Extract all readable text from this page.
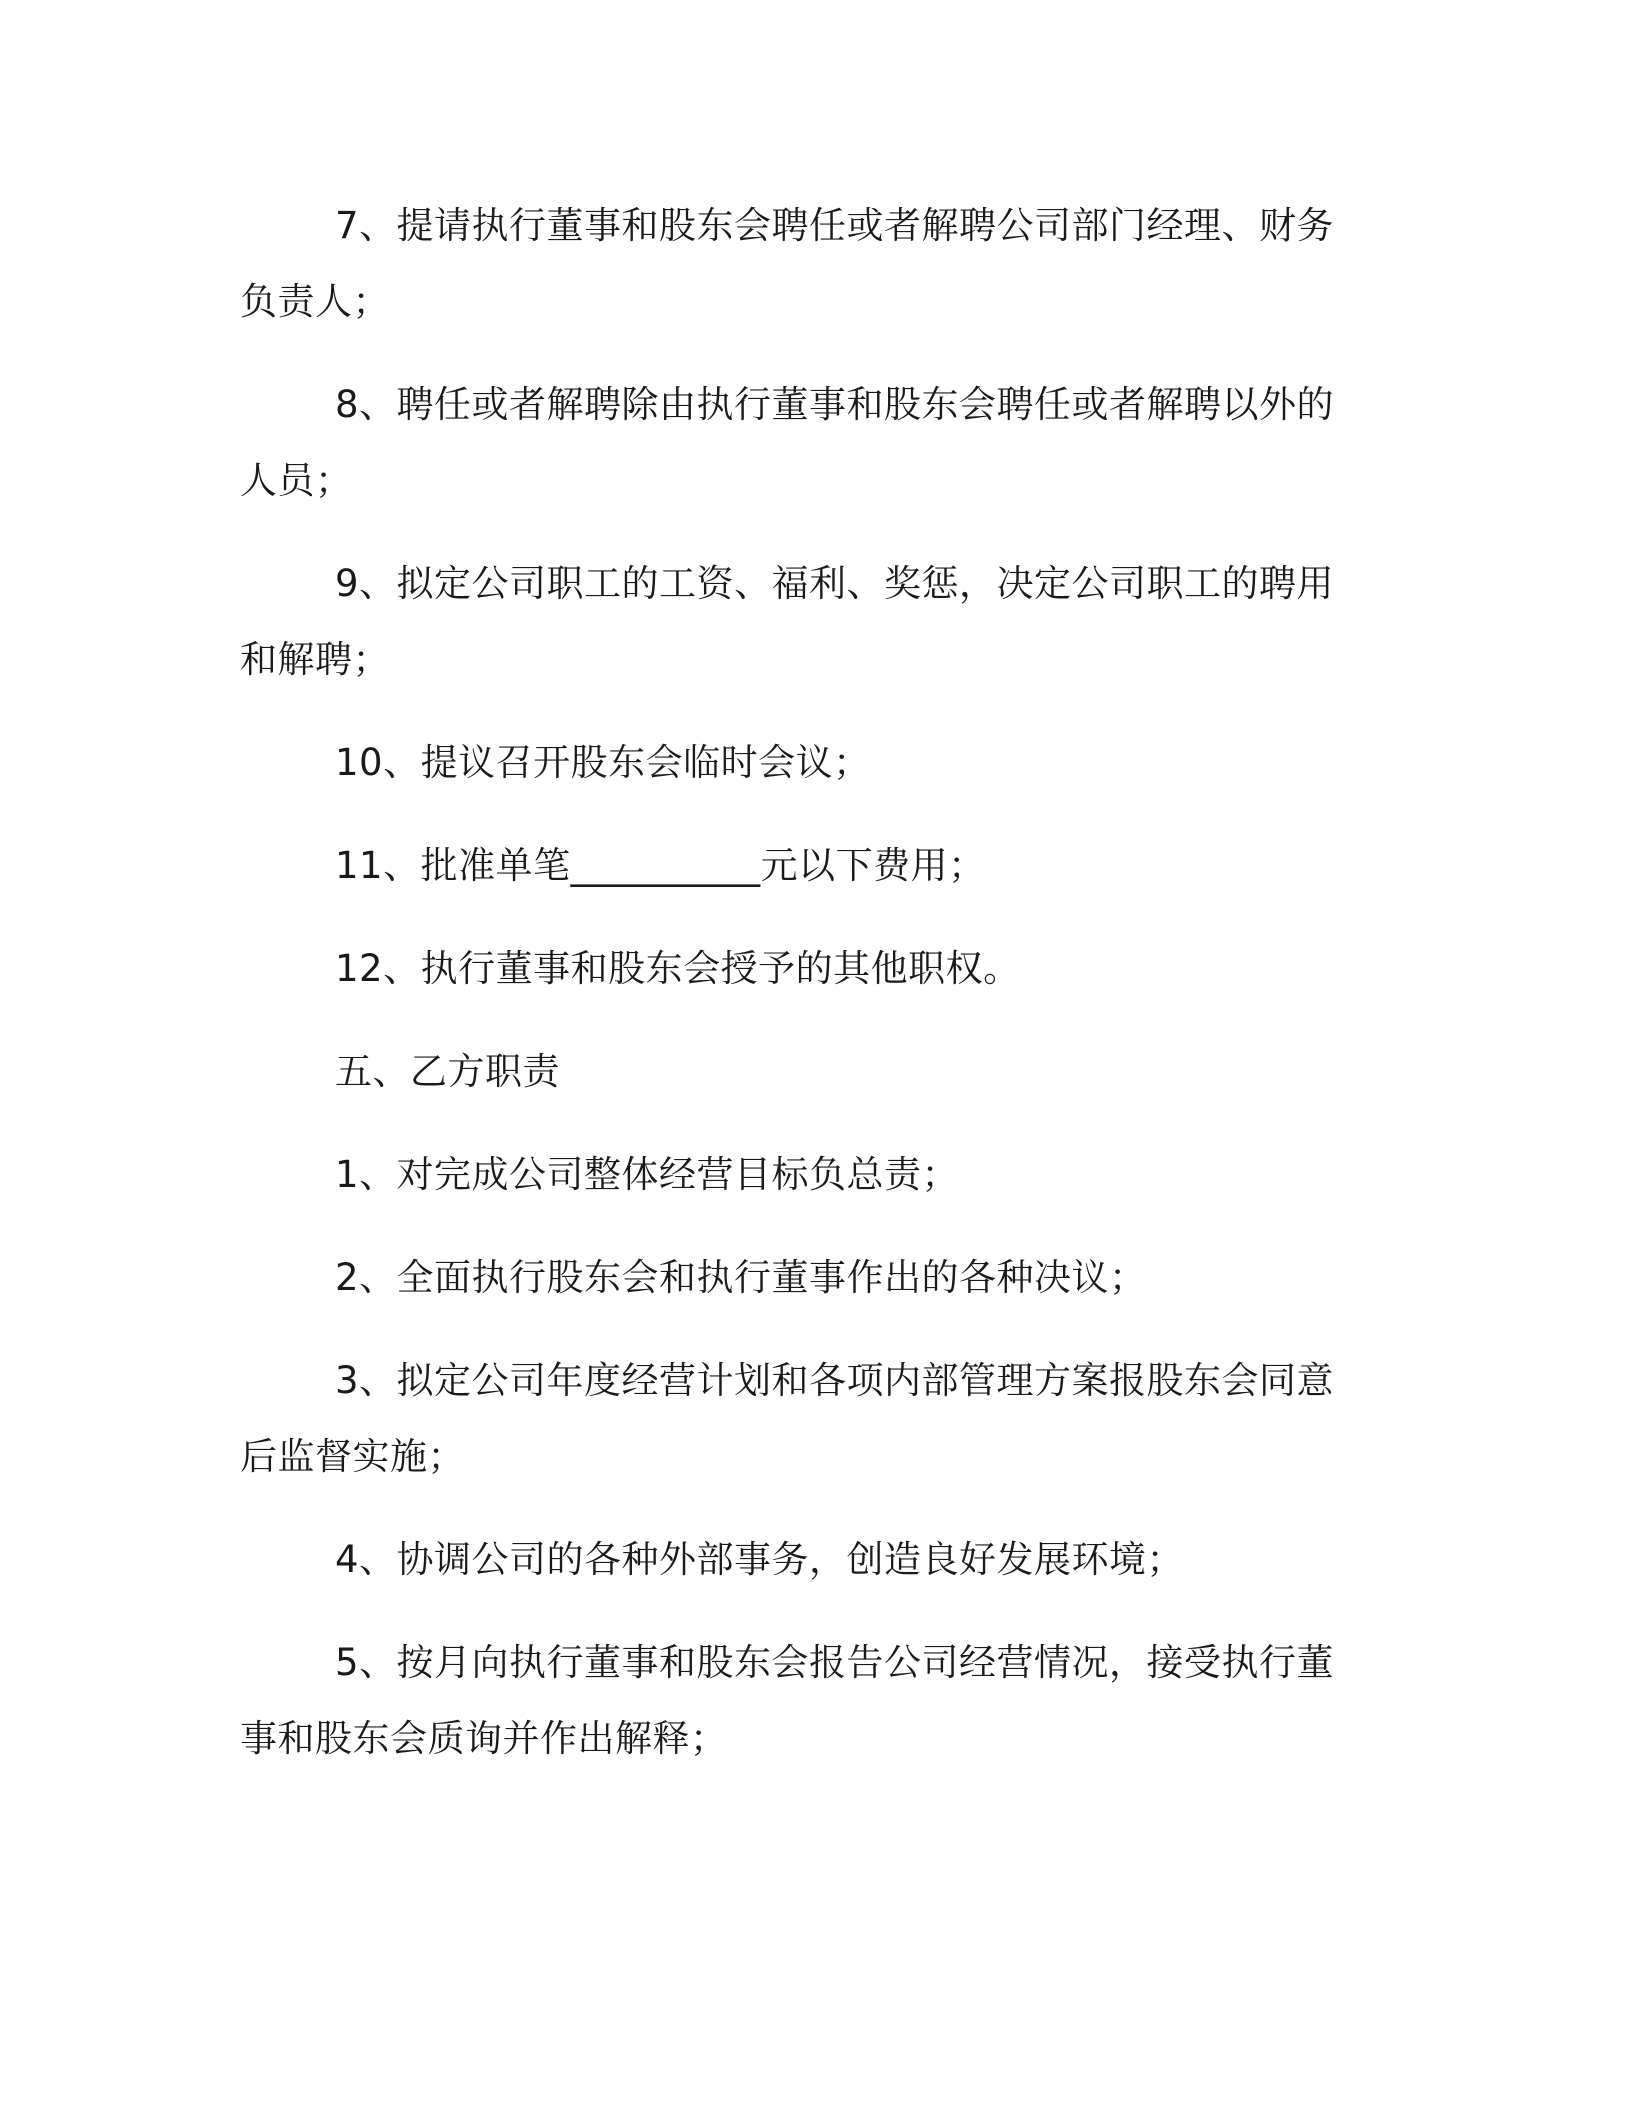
7、提请执行董事和股东会聘任或者解聘公司部门经理、财务负责人；

8、聘任或者解聘除由执行董事和股东会聘任或者解聘以外的人员；

9、拟定公司职工的工资、福利、奖惩，决定公司职工的聘用和解聘；

10、提议召开股东会临时会议；

11、批准单笔__________元以下费用；

12、执行董事和股东会授予的其他职权。

五、乙方职责

1、对完成公司整体经营目标负总责；

2、全面执行股东会和执行董事作出的各种决议；

3、拟定公司年度经营计划和各项内部管理方案报股东会同意后监督实施；

4、协调公司的各种外部事务，创造良好发展环境；

5、按月向执行董事和股东会报告公司经营情况，接受执行董事和股东会质询并作出解释；
